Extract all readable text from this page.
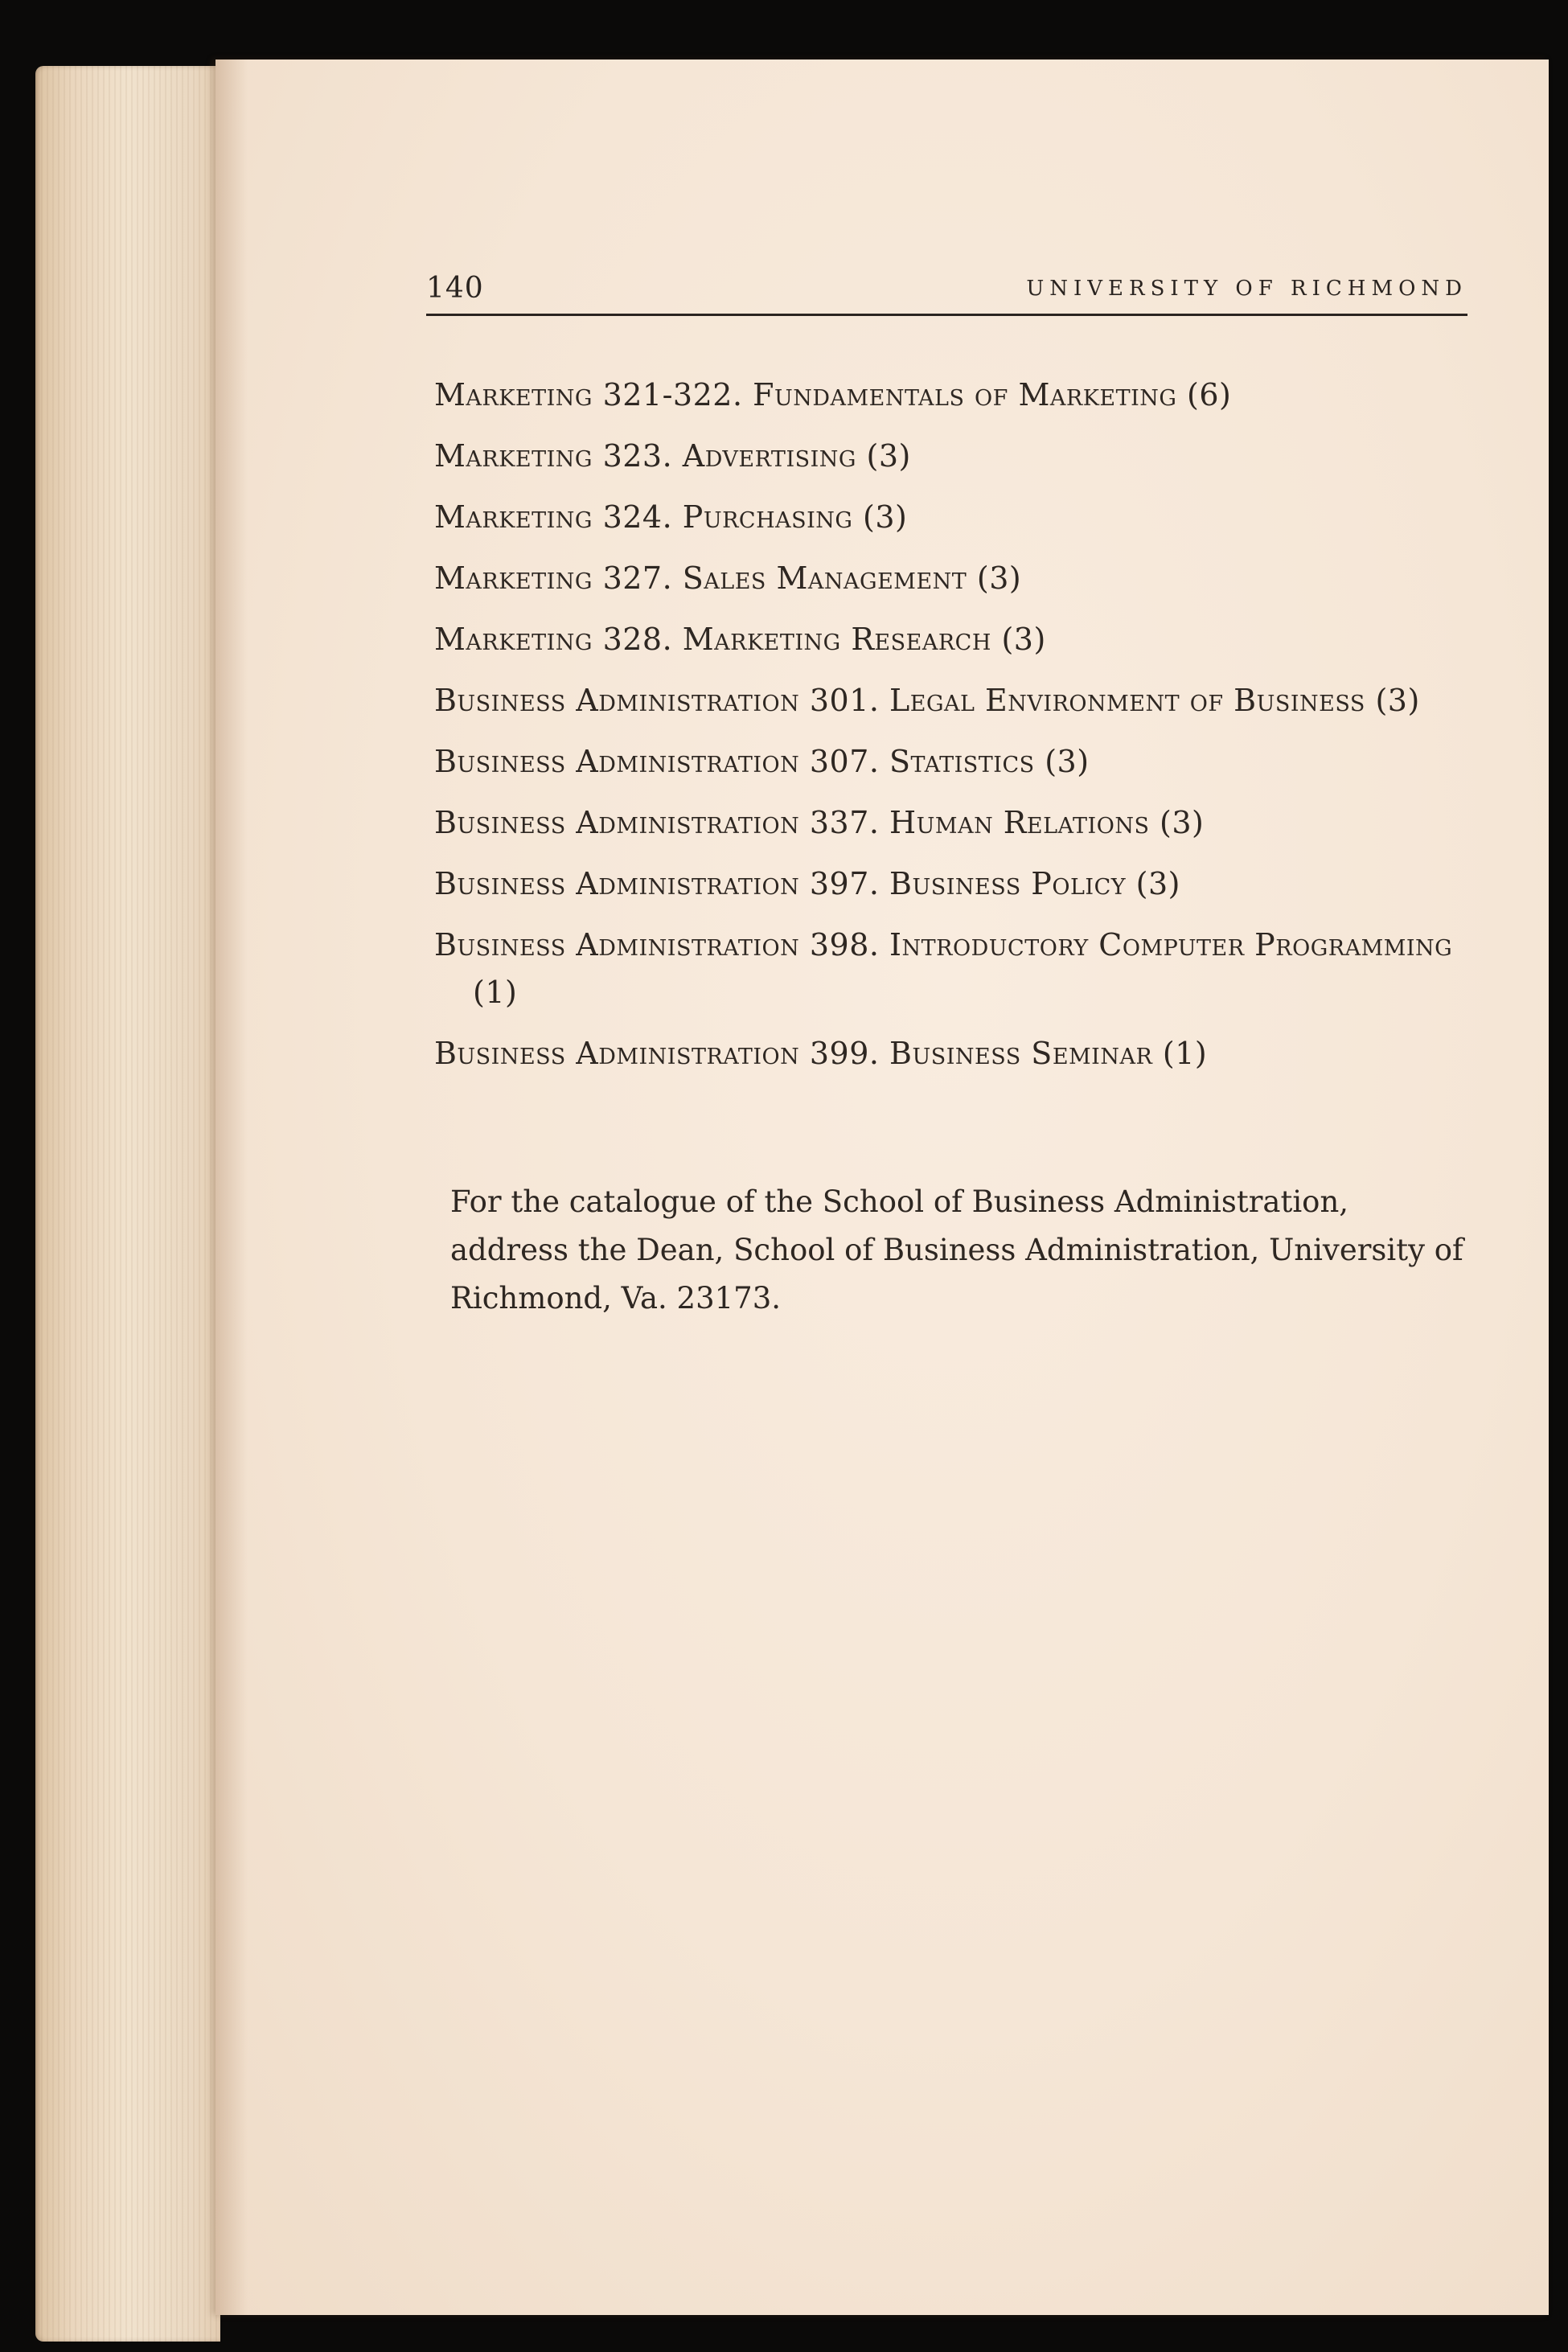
140	UNIVERSITY OF RICHMOND
Marketing 321-322. Fundamentals of Marketing (6)
Marketing 323. Advertising (3)
Marketing 324. Purchasing (3)
Marketing 327. Sales Management (3)
Marketing 328. Marketing Research (3)
Business Administration 301. Legal Environment of Business (3)
Business Administration 307. Statistics (3)
Business Administration 337. Human Relations (3)
Business Administration 397. Business Policy (3)
Business Administration 398. Introductory Computer Programming (1)
Business Administration 399. Business Seminar (1)

For the catalogue of the School of Business Administration, address the Dean, School of Business Administration, University of Richmond, Va. 23173.
